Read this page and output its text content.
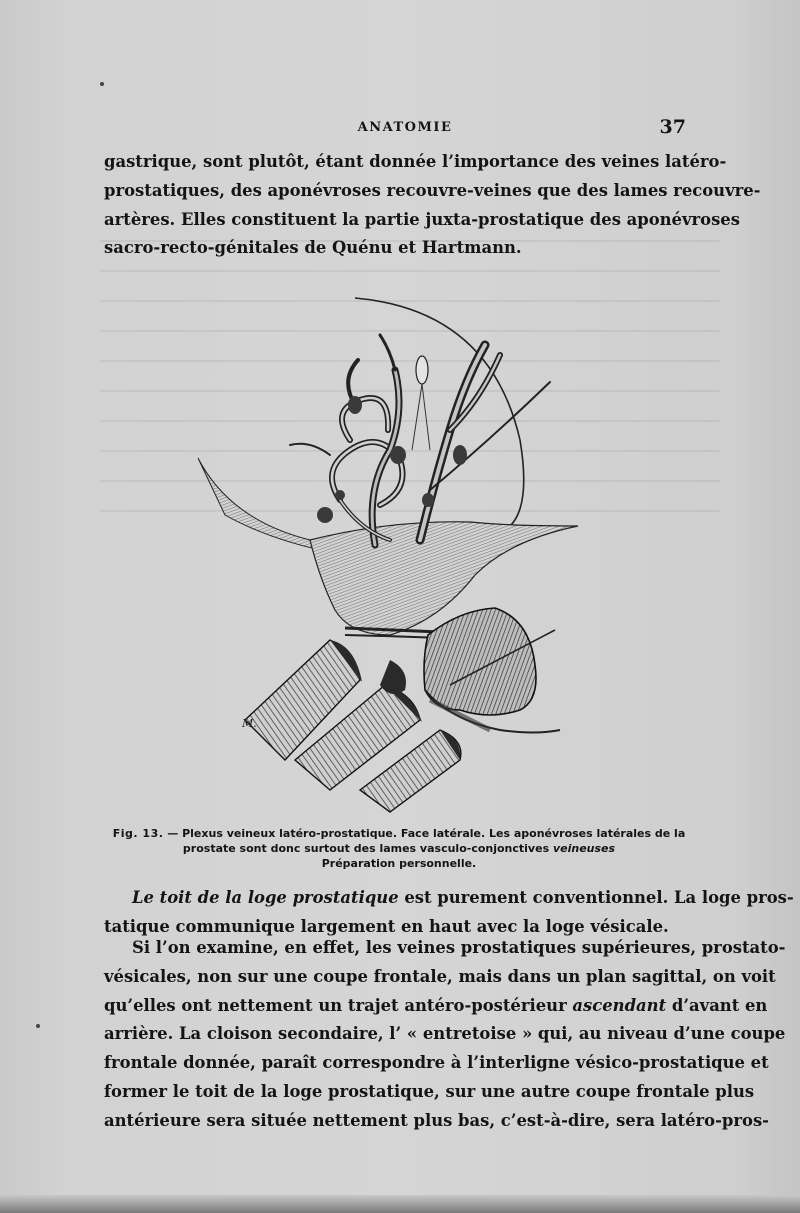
ANATOMIE	37
gastrique, sont plutôt, étant donnée l’importance des veines latéro-
prostatiques, des aponévroses recouvre-veines que des lames recouvre-
artères. Elles constituent la partie juxta-prostatique des aponévroses
sacro-recto-génitales de Quénu et Hartmann.
M.
Fig. 13. — Plexus veineux latéro-prostatique. Face latérale. Les aponévroses latérales de la
prostate sont donc surtout des lames vasculo-conjonctives veineuses
Préparation personnelle.
Le toit de la loge prostatique est purement conventionnel. La loge pros-
tatique communique largement en haut avec la loge vésicale.
Si l’on examine, en effet, les veines prostatiques supérieures, prostato-
vésicales, non sur une coupe frontale, mais dans un plan sagittal, on voit
qu’elles ont nettement un trajet antéro-postérieur ascendant d’avant en
arrière. La cloison secondaire, l’ « entretoise » qui, au niveau d’une coupe
frontale donnée, paraît correspondre à l’interligne vésico-prostatique et
former le toit de la loge prostatique, sur une autre coupe frontale plus
antérieure sera située nettement plus bas, c’est-à-dire, sera latéro-pros-
